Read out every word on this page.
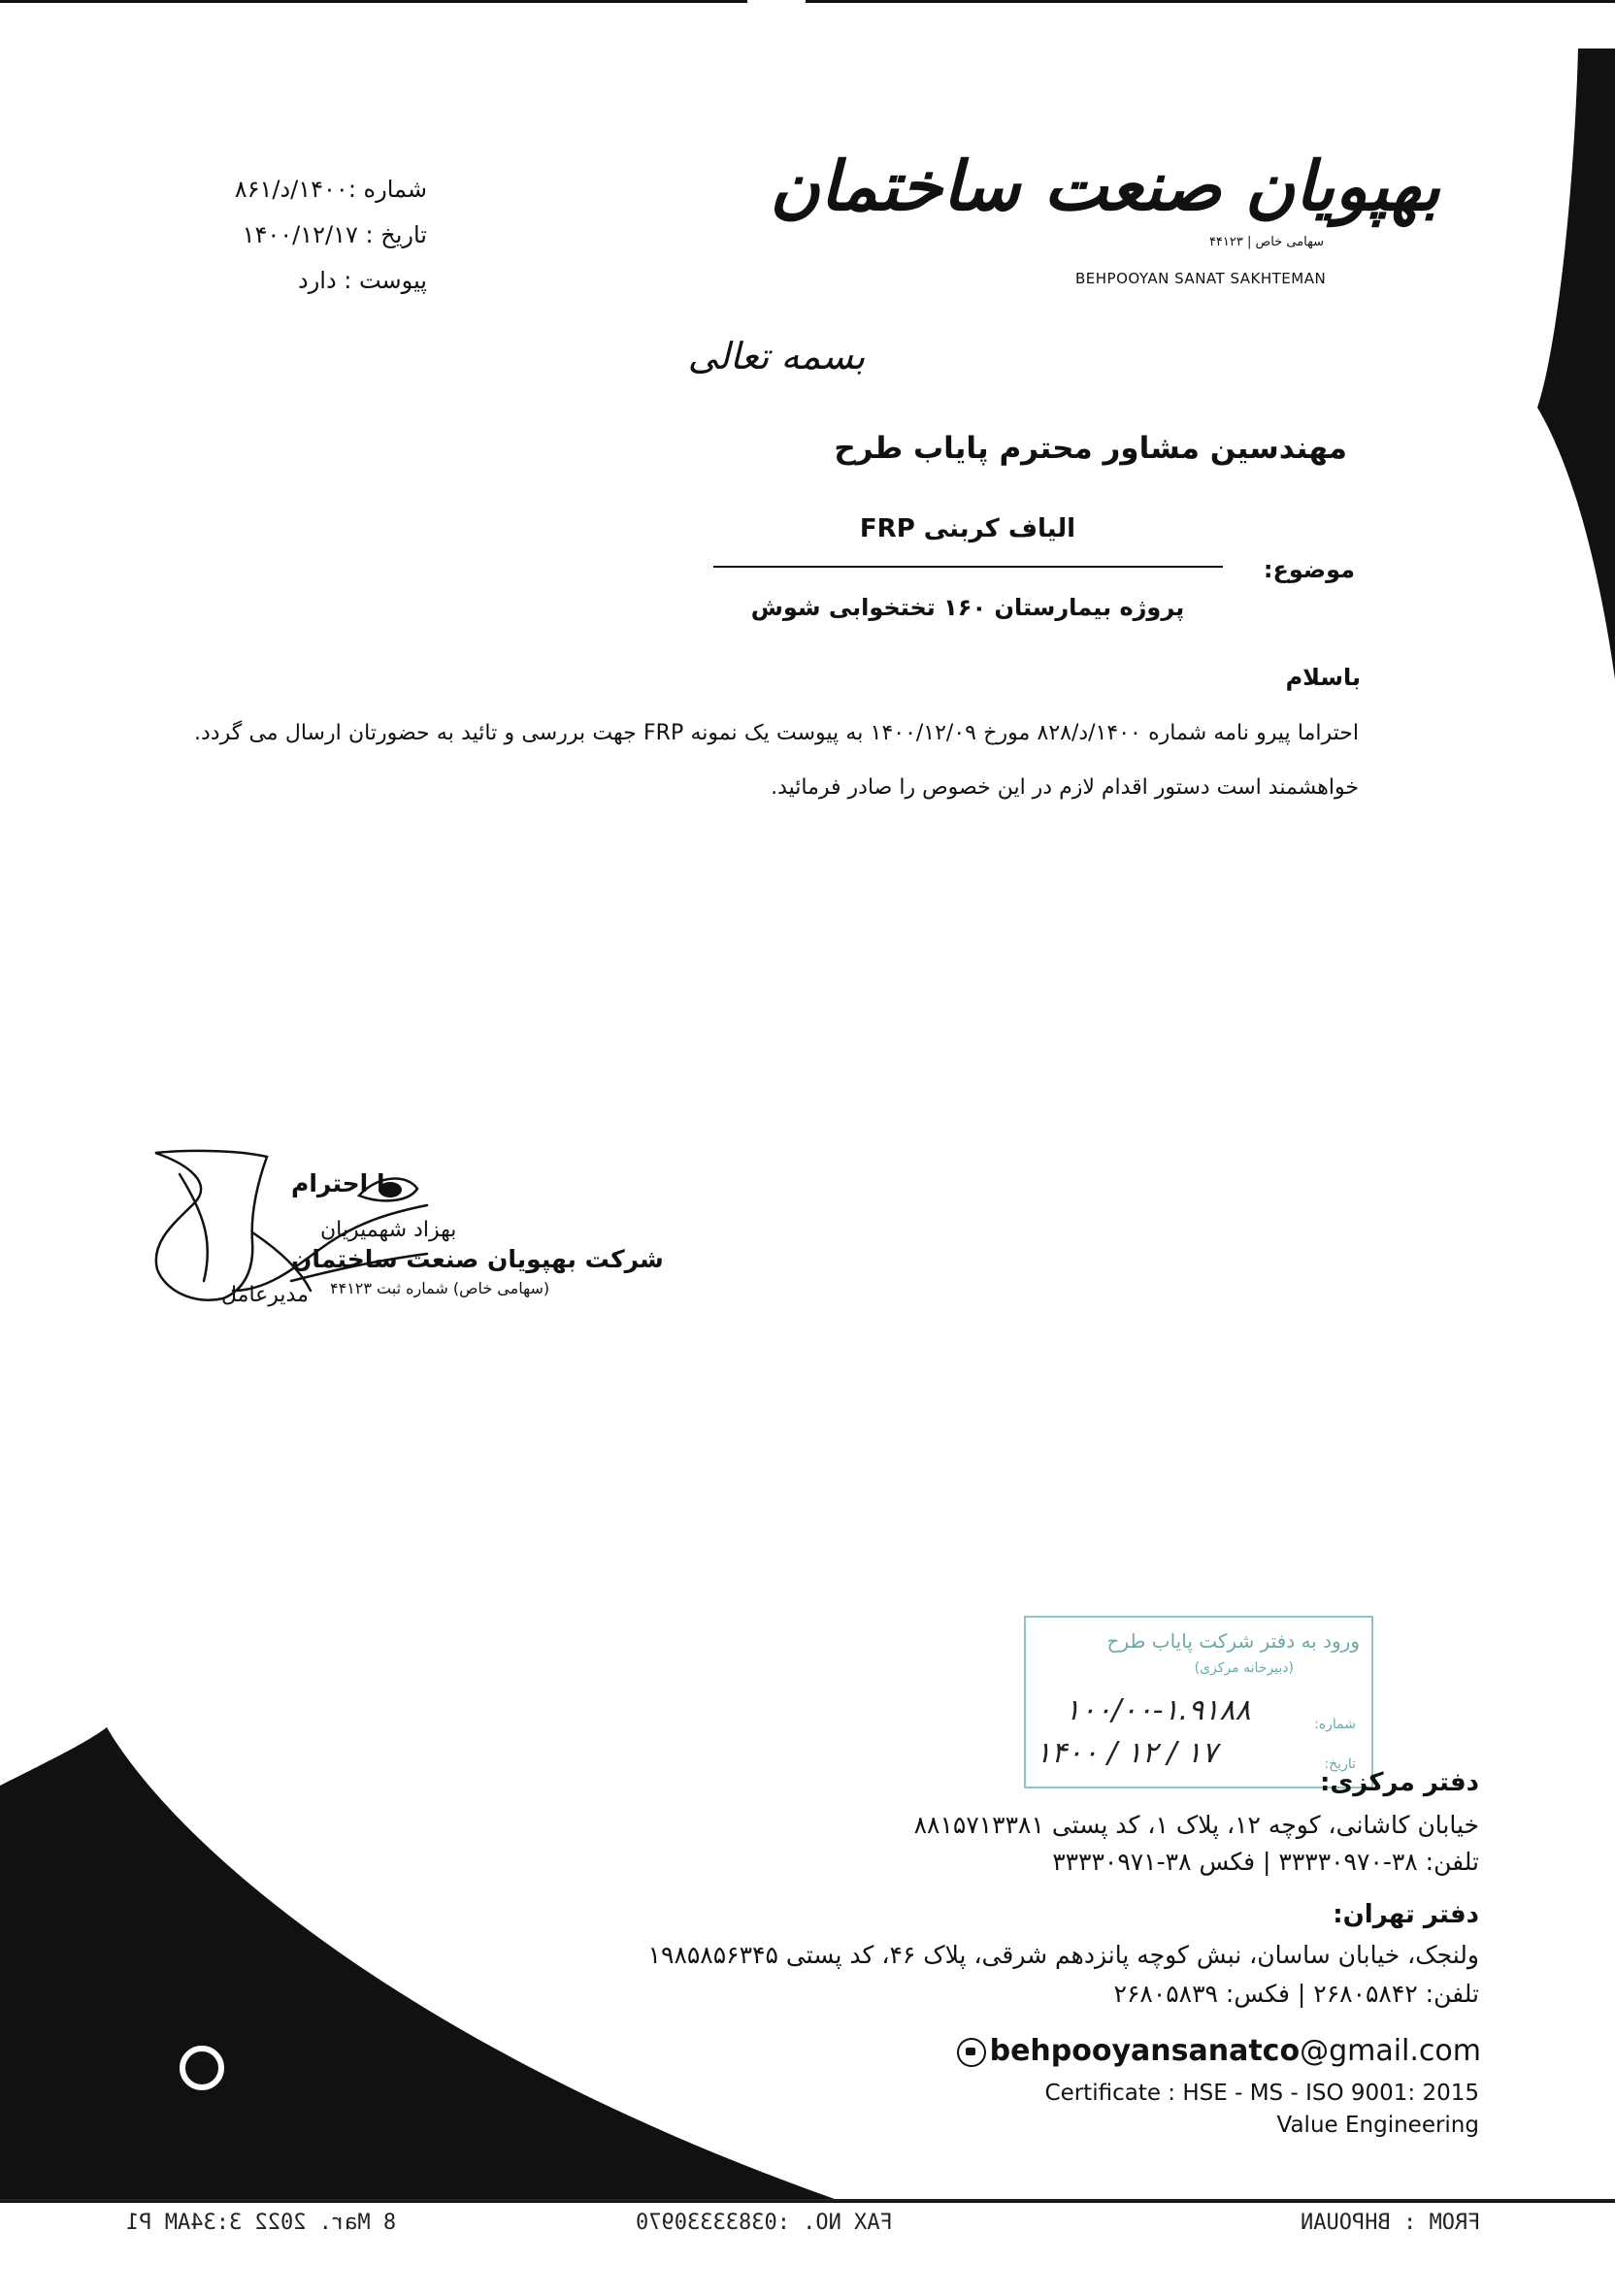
شماره :۱۴۰۰/د/۸۶۱
تاریخ : ۱۴۰۰/۱۲/۱۷
پیوست : دارد
بهپویان صنعت ساختمان
سهامی خاص | ۴۴۱۲۳
BEHPOOYAN SANAT SAKHTEMAN
بسمه تعالی
مهندسین مشاور محترم پایاب طرح
موضوع:
الیاف کربنی FRP
پروژه بیمارستان ۱۶۰ تختخوابی شوش
باسلام
احتراما پیرو نامه شماره ۱۴۰۰/د/۸۲۸ مورخ ۱۴۰۰/۱۲/۰۹ به پیوست یک نمونه FRP جهت بررسی و تائید به حضورتان ارسال می گردد. خواهشمند است دستور اقدام لازم در این خصوص را صادر فرمائید.
با احترام
بهزاد شهمیریان
شرکت بهپویان صنعت ساختمان
(سهامی خاص) شماره ثبت ۴۴۱۲۳
مدیرعامل
ورود به دفتر شرکت پایاب طرح
(دبیرخانه مرکزی)
شماره:
تاریخ:
۱۰۰/۰۰-۱.۹۱۸۸
۱۴۰۰ / ۱۲ / ۱۷
دفتر مرکزی:
خیابان کاشانی، کوچه ۱۲، پلاک ۱، کد پستی ۸۸۱۵۷۱۳۳۸۱
تلفن: ۳۸-۳۳۳۳۰۹۷۰ | فکس ۳۸-۳۳۳۳۰۹۷۱
دفتر تهران:
ولنجک، خیابان ساسان، نبش کوچه پانزدهم شرقی، پلاک ۴۶، کد پستی ۱۹۸۵۸۵۶۳۴۵
تلفن: ۲۶۸۰۵۸۴۲ | فکس: ۲۶۸۰۵۸۳۹
behpooyansanatco@gmail.com
Certificate : HSE - MS - ISO 9001: 2015
Value Engineering
FROM : BHPOUAN
FAX NO. :03833330970
8 Mar. 2022 3:34AM P1
